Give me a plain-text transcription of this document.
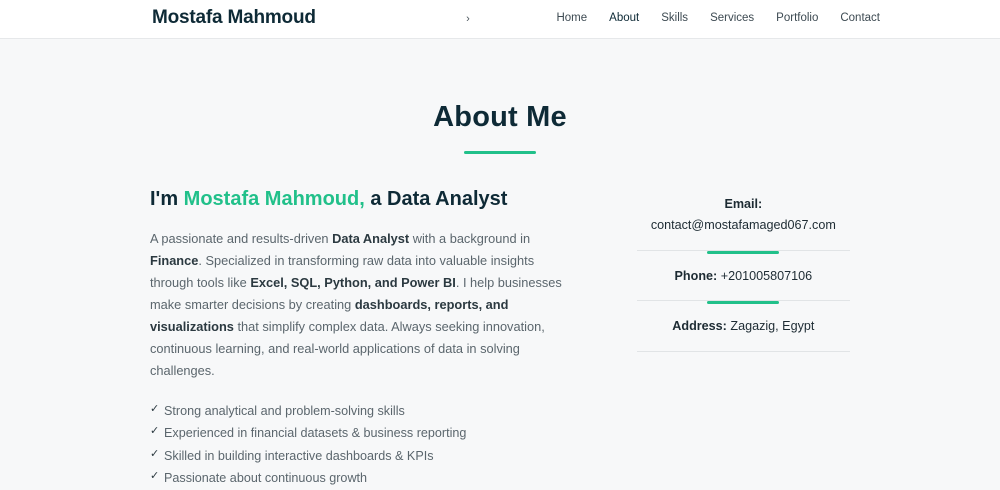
Mostafa Mahmoud	›	Home About Skills Services Portfolio Contact
About Me
I'm Mostafa Mahmoud, a Data Analyst

A passionate and results-driven Data Analyst with a background in Finance. Specialized in transforming raw data into valuable insights through tools like Excel, SQL, Python, and Power BI. I help businesses make smarter decisions by creating dashboards, reports, and visualizations that simplify complex data. Always seeking innovation, continuous learning, and real-world applications of data in solving challenges.

✓ Strong analytical and problem-solving skills
✓ Experienced in financial datasets & business reporting
✓ Skilled in building interactive dashboards & KPIs
✓ Passionate about continuous growth
Email:
contact@mostafamaged067.com
Phone: +201005807106
Address: Zagazig, Egypt
